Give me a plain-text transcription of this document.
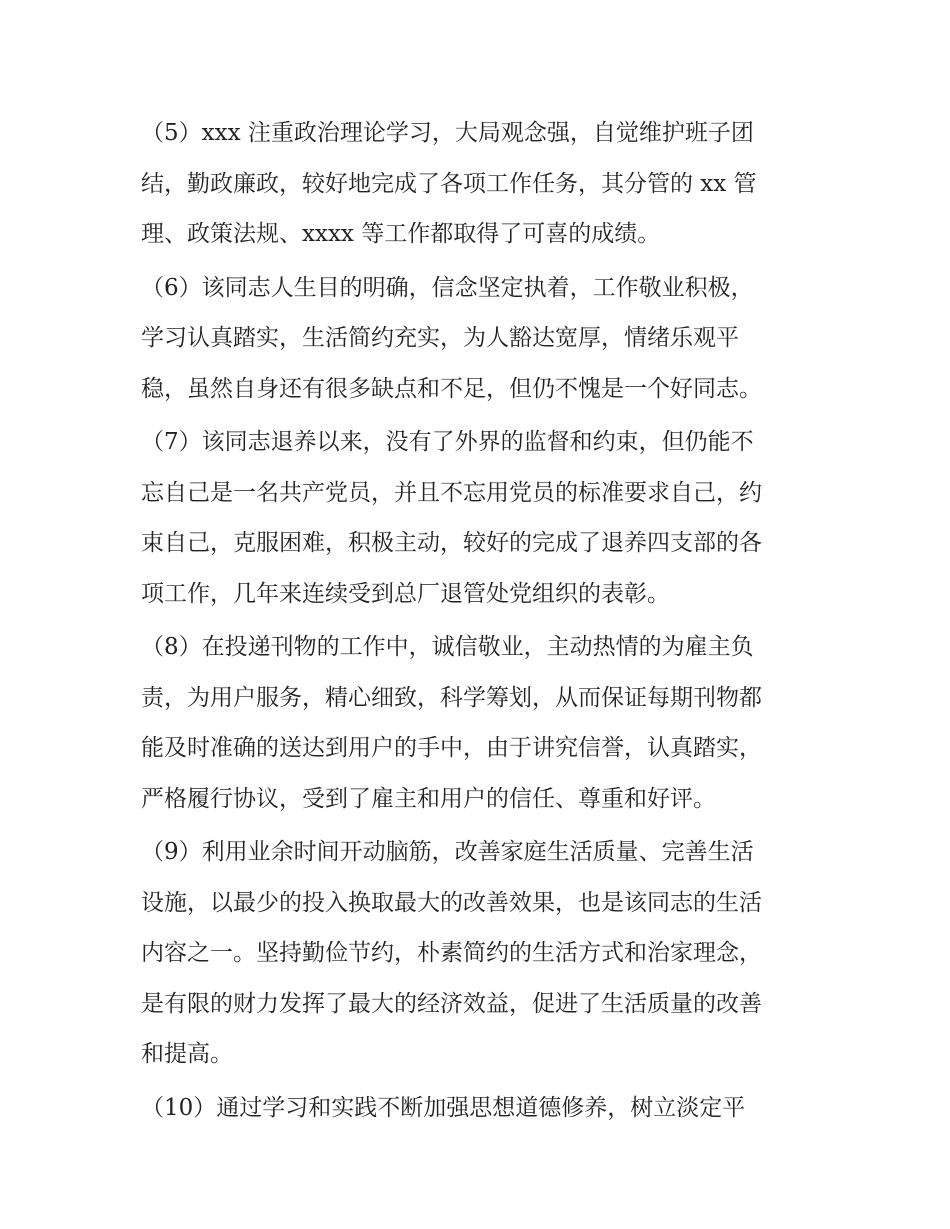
（5）xxx 注重政治理论学习，大局观念强，自觉维护班子团
结，勤政廉政，较好地完成了各项工作任务，其分管的 xx 管
理、政策法规、xxxx 等工作都取得了可喜的成绩。
（6）该同志人生目的明确，信念坚定执着，工作敬业积极，
学习认真踏实，生活简约充实，为人豁达宽厚，情绪乐观平
稳，虽然自身还有很多缺点和不足，但仍不愧是一个好同志。
（7）该同志退养以来，没有了外界的监督和约束，但仍能不
忘自己是一名共产党员，并且不忘用党员的标准要求自己，约
束自己，克服困难，积极主动，较好的完成了退养四支部的各
项工作，几年来连续受到总厂退管处党组织的表彰。
（8）在投递刊物的工作中，诚信敬业，主动热情的为雇主负
责，为用户服务，精心细致，科学筹划，从而保证每期刊物都
能及时准确的送达到用户的手中，由于讲究信誉，认真踏实，
严格履行协议，受到了雇主和用户的信任、尊重和好评。
（9）利用业余时间开动脑筋，改善家庭生活质量、完善生活
设施，以最少的投入换取最大的改善效果，也是该同志的生活
内容之一。坚持勤俭节约，朴素简约的生活方式和治家理念，
是有限的财力发挥了最大的经济效益，促进了生活质量的改善
和提高。
（10）通过学习和实践不断加强思想道德修养，树立淡定平
